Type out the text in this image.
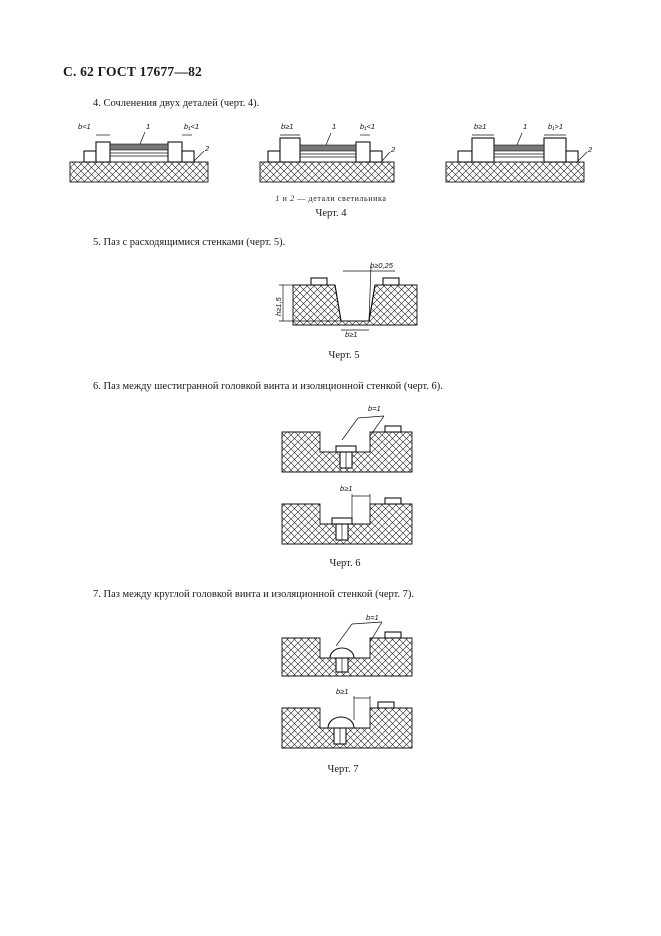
С. 62 ГОСТ 17677—82
4. Сочленения двух деталей (черт. 4).
b<1	b₁<1
1
2
b≥1	b₁<1
1
2
b≥1	b₁>1
1
2
1 и 2 — детали светильника
Черт. 4
5. Паз с расходящимися стенками (черт. 5).
b≥0,25
h≥1,5
b≥1
Черт. 5
6. Паз между шестигранной головкой винта и изоляционной стенкой (черт. 6).
b=1
b≥1
Черт. 6
7. Паз между круглой головкой винта и изоляционной стенкой (черт. 7).
b=1
b≥1
Черт. 7
